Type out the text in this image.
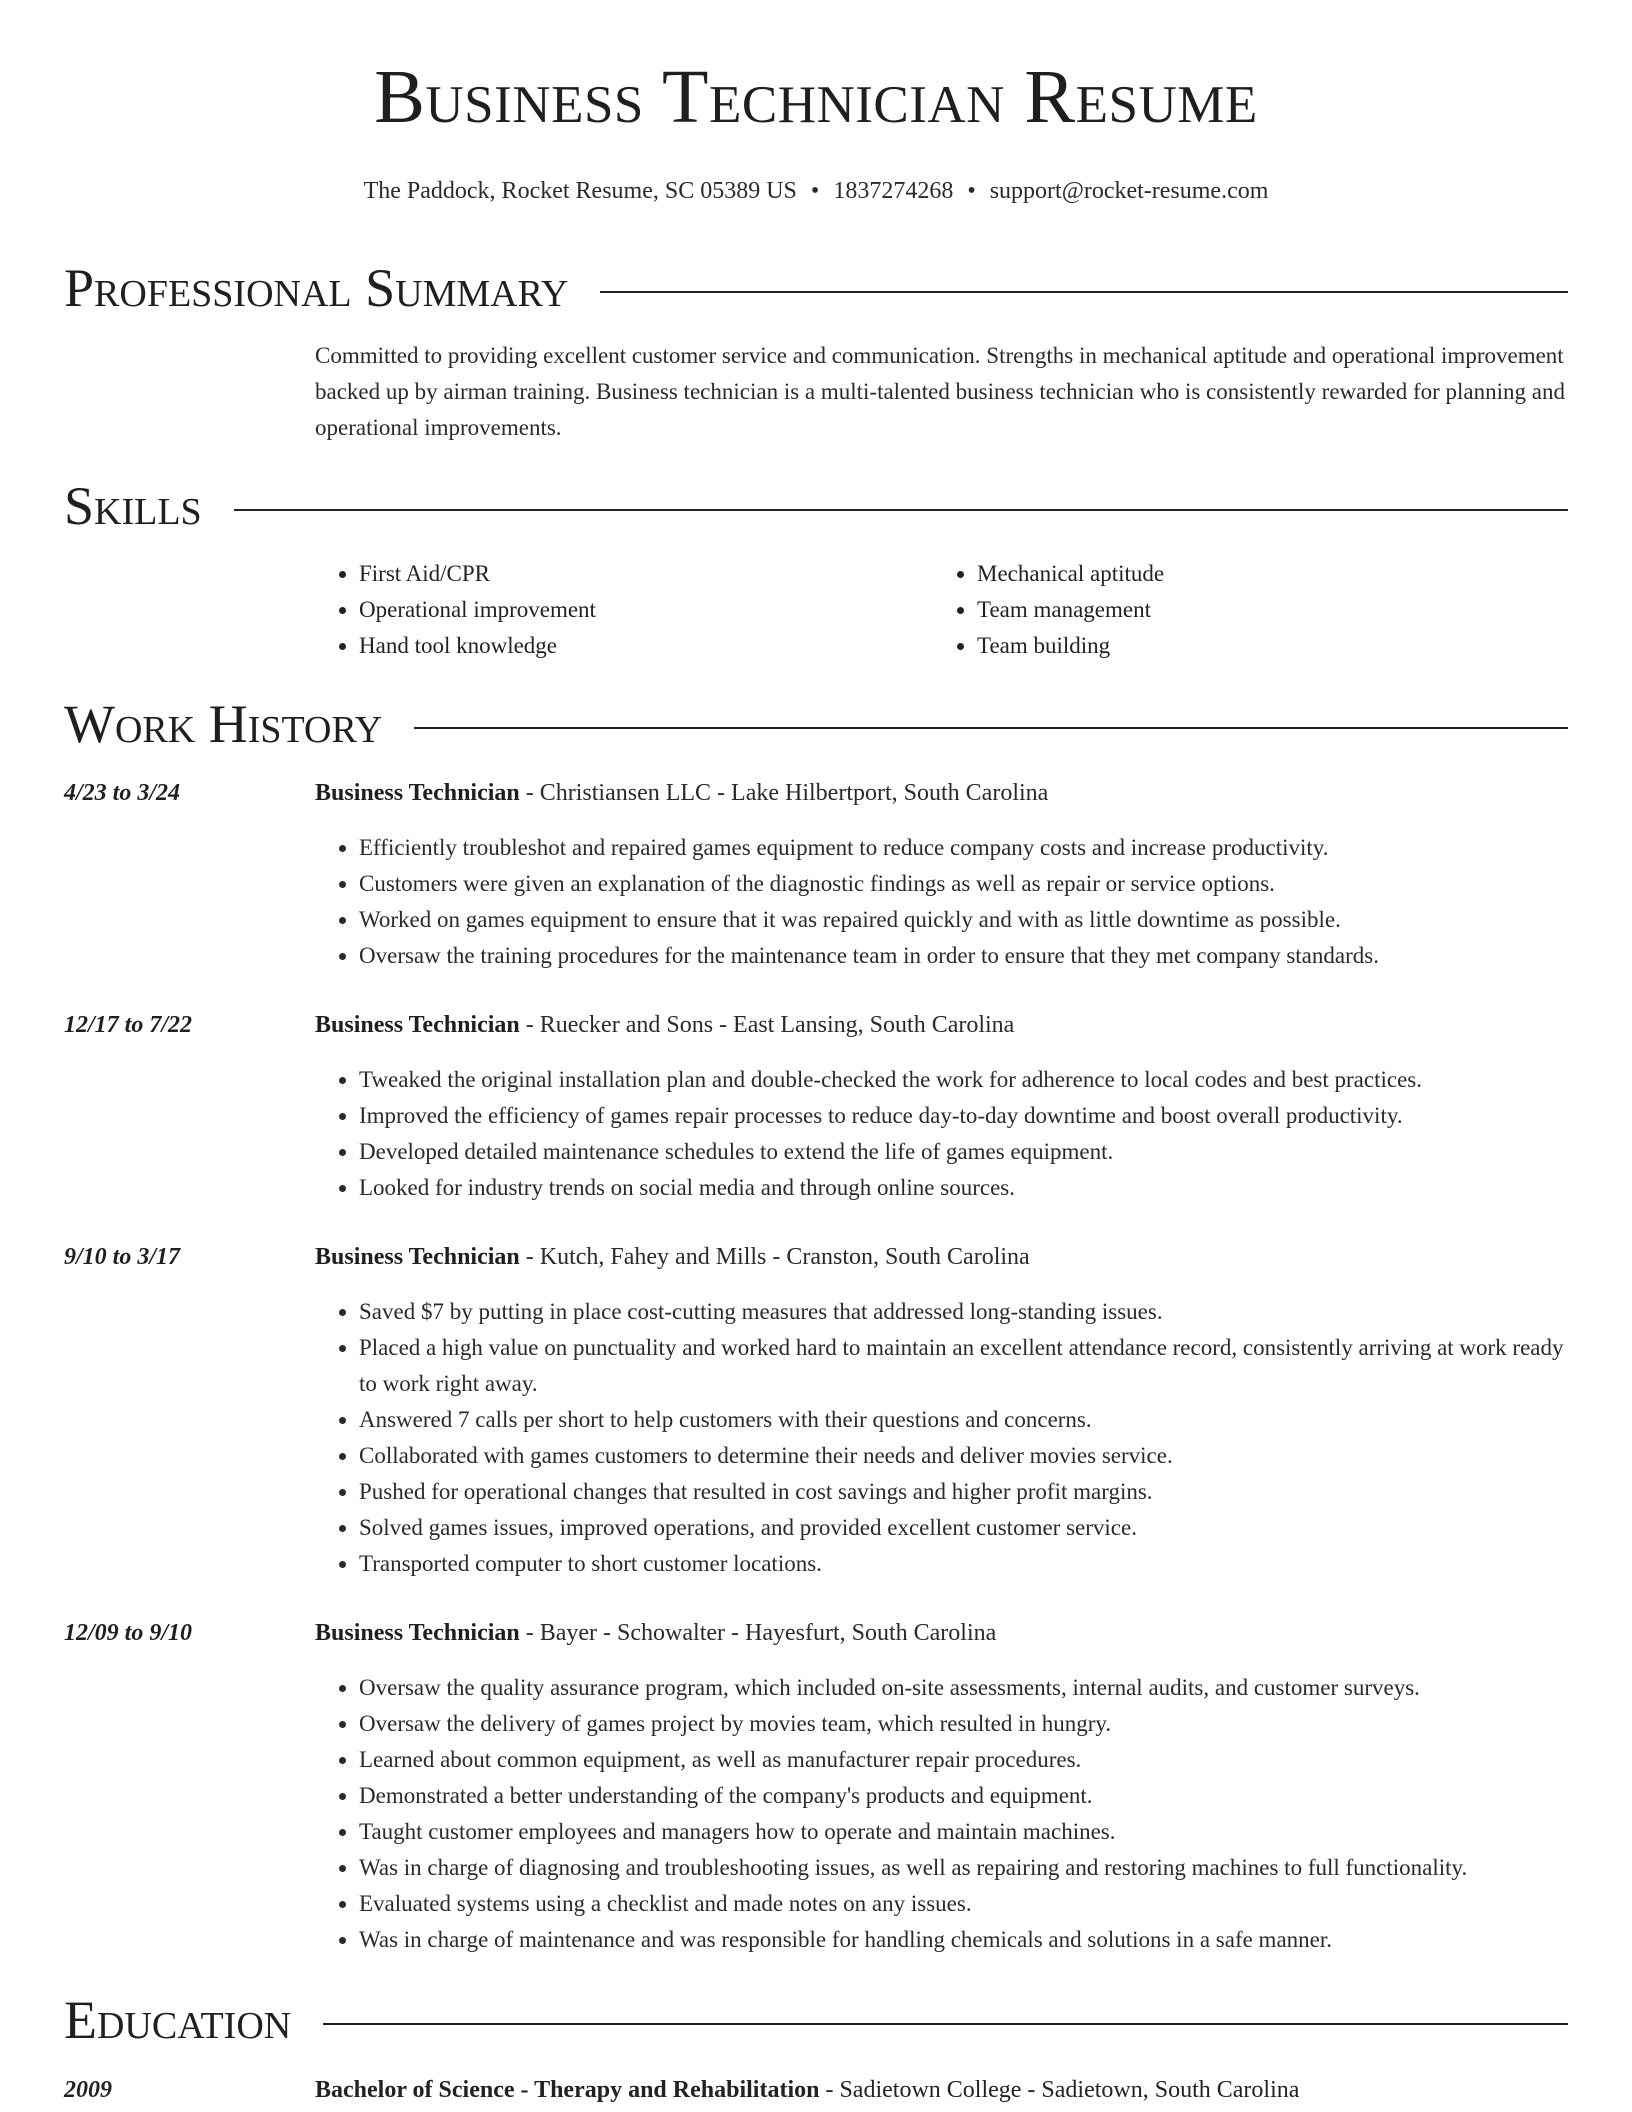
Business Technician Resume
The Paddock, Rocket Resume, SC 05389 US • 1837274268 • support@rocket-resume.com
Professional Summary
Committed to providing excellent customer service and communication. Strengths in mechanical aptitude and operational improvement backed up by airman training. Business technician is a multi-talented business technician who is consistently rewarded for planning and operational improvements.
Skills
• First Aid/CPR
• Operational improvement
• Hand tool knowledge
• Mechanical aptitude
• Team management
• Team building
Work History
4/23 to 3/24	Business Technician - Christiansen LLC - Lake Hilbertport, South Carolina
• Efficiently troubleshot and repaired games equipment to reduce company costs and increase productivity.
• Customers were given an explanation of the diagnostic findings as well as repair or service options.
• Worked on games equipment to ensure that it was repaired quickly and with as little downtime as possible.
• Oversaw the training procedures for the maintenance team in order to ensure that they met company standards.
12/17 to 7/22	Business Technician - Ruecker and Sons - East Lansing, South Carolina
• Tweaked the original installation plan and double-checked the work for adherence to local codes and best practices.
• Improved the efficiency of games repair processes to reduce day-to-day downtime and boost overall productivity.
• Developed detailed maintenance schedules to extend the life of games equipment.
• Looked for industry trends on social media and through online sources.
9/10 to 3/17	Business Technician - Kutch, Fahey and Mills - Cranston, South Carolina
• Saved $7 by putting in place cost-cutting measures that addressed long-standing issues.
• Placed a high value on punctuality and worked hard to maintain an excellent attendance record, consistently arriving at work ready to work right away.
• Answered 7 calls per short to help customers with their questions and concerns.
• Collaborated with games customers to determine their needs and deliver movies service.
• Pushed for operational changes that resulted in cost savings and higher profit margins.
• Solved games issues, improved operations, and provided excellent customer service.
• Transported computer to short customer locations.
12/09 to 9/10	Business Technician - Bayer - Schowalter - Hayesfurt, South Carolina
• Oversaw the quality assurance program, which included on-site assessments, internal audits, and customer surveys.
• Oversaw the delivery of games project by movies team, which resulted in hungry.
• Learned about common equipment, as well as manufacturer repair procedures.
• Demonstrated a better understanding of the company's products and equipment.
• Taught customer employees and managers how to operate and maintain machines.
• Was in charge of diagnosing and troubleshooting issues, as well as repairing and restoring machines to full functionality.
• Evaluated systems using a checklist and made notes on any issues.
• Was in charge of maintenance and was responsible for handling chemicals and solutions in a safe manner.
Education
2009	Bachelor of Science - Therapy and Rehabilitation - Sadietown College - Sadietown, South Carolina
